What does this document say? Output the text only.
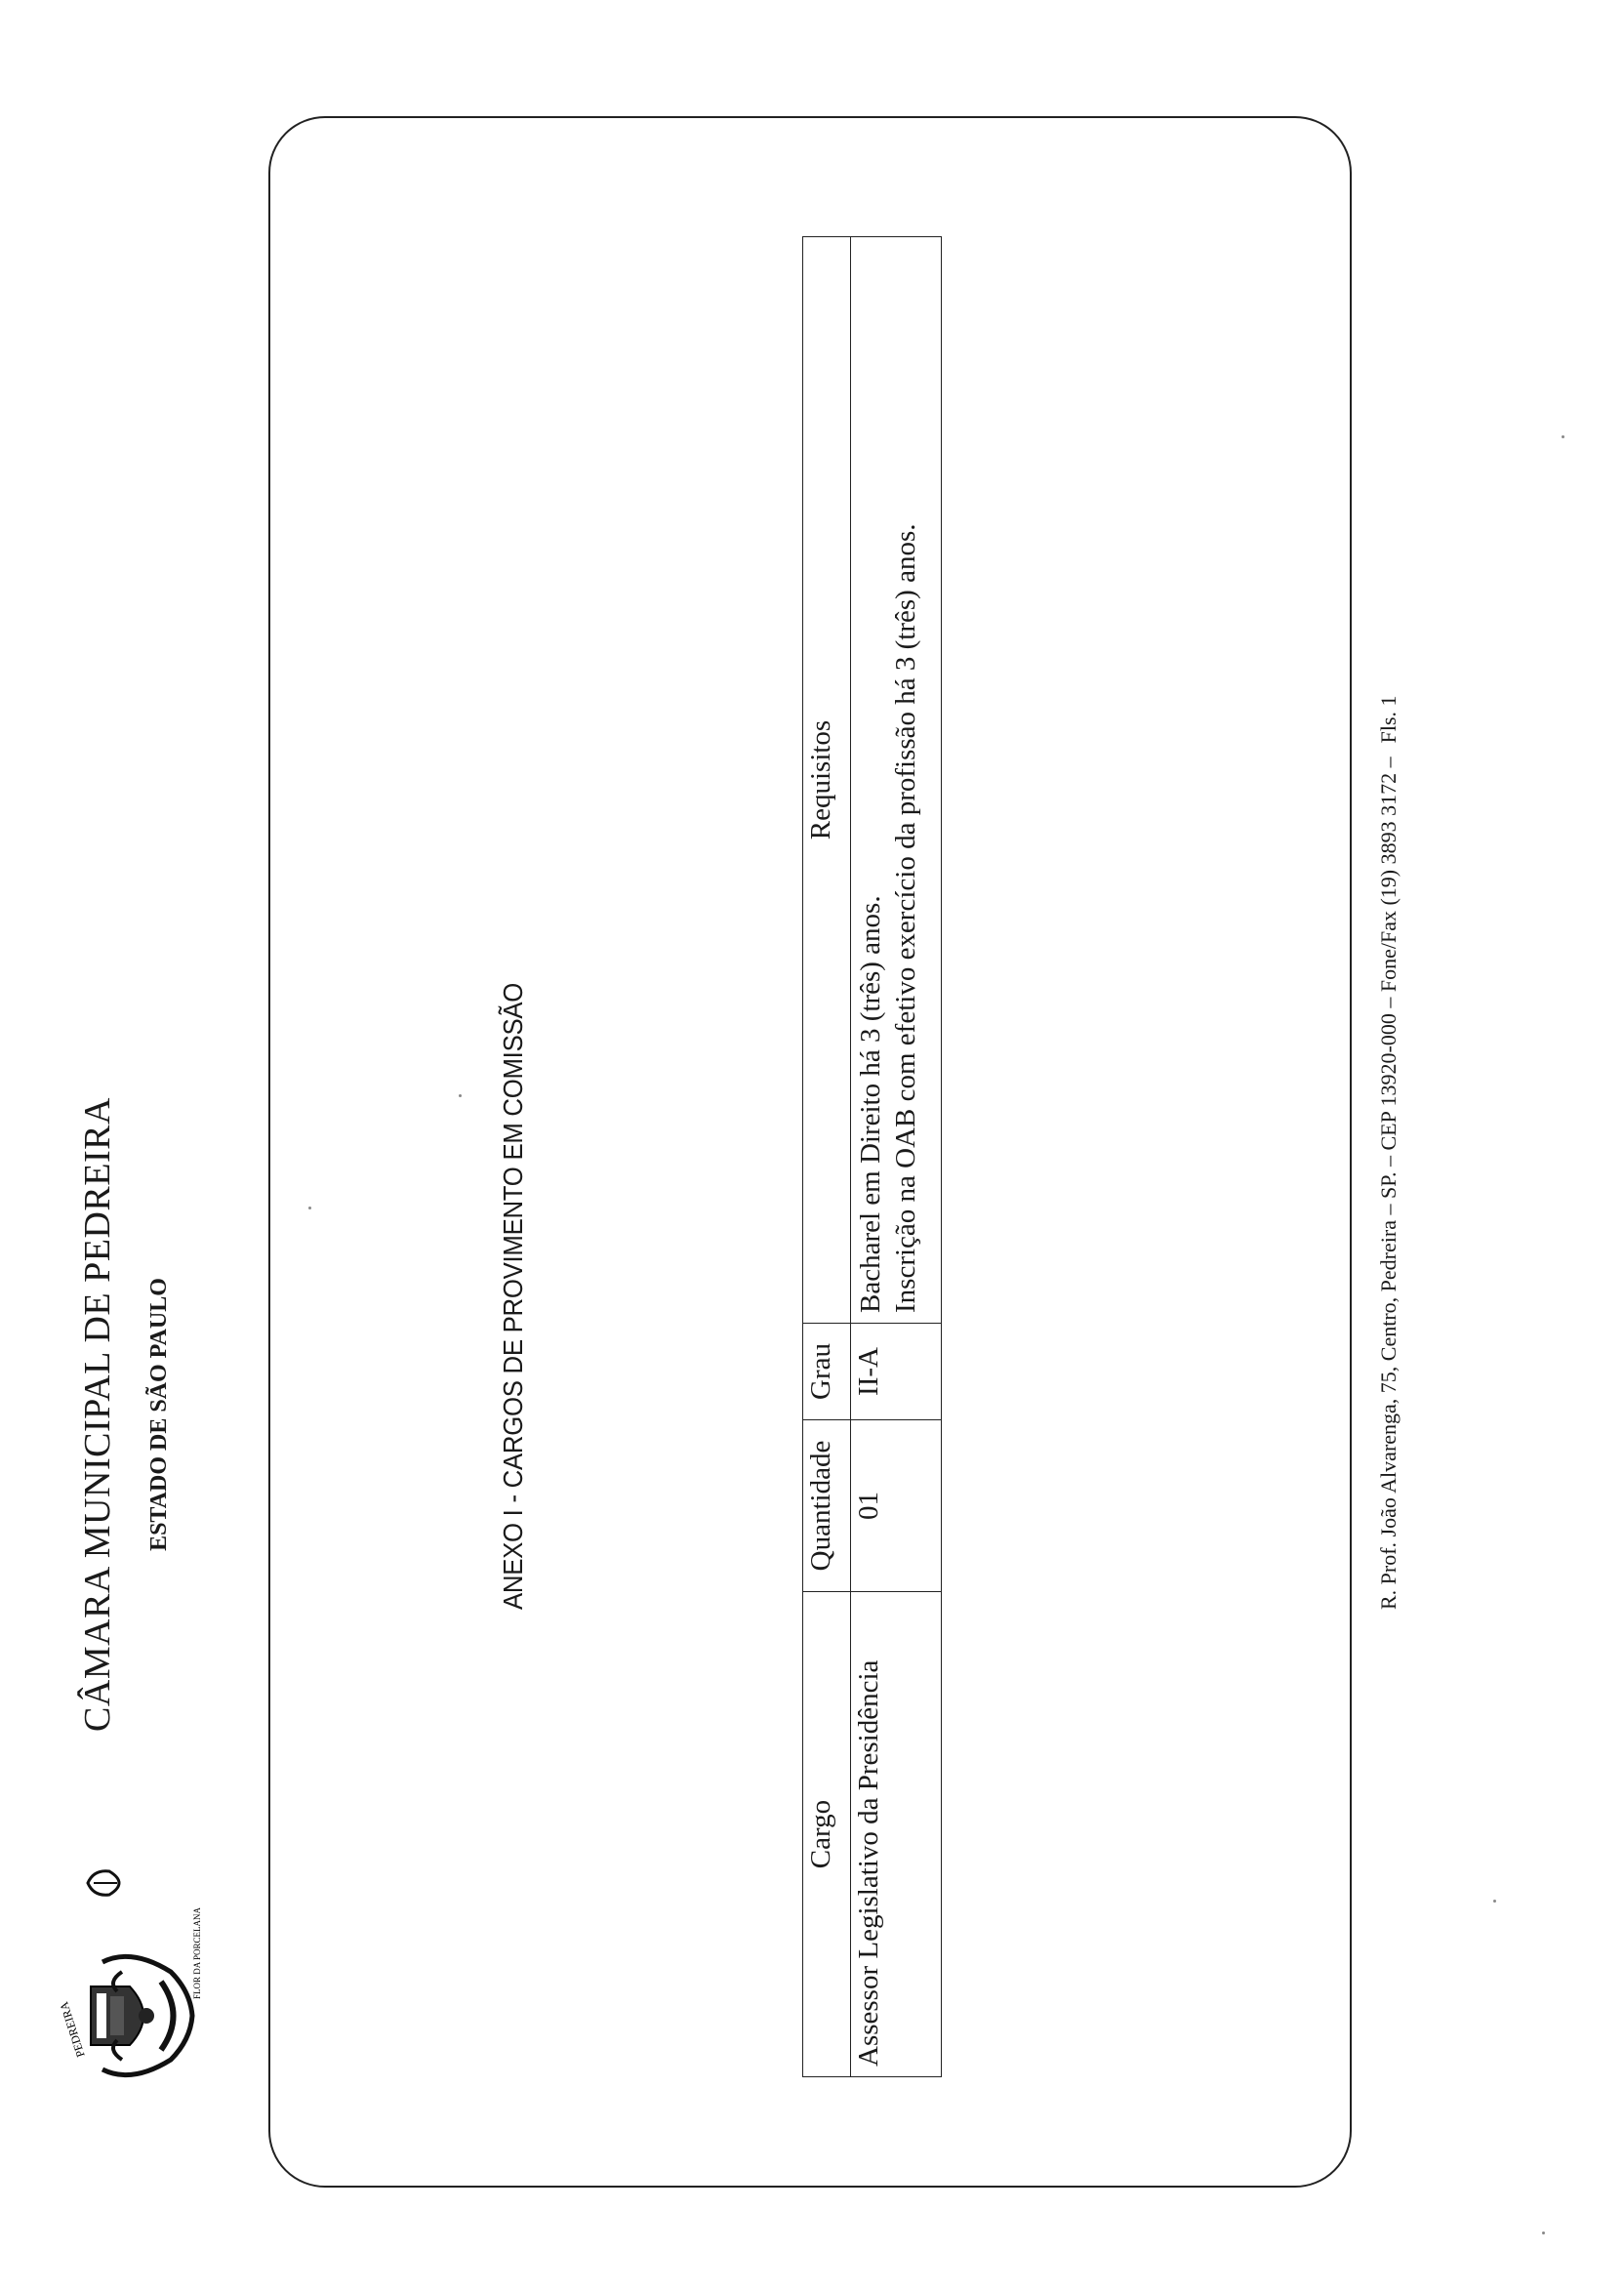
PEDREIRA
FLOR DA PORCELANA
CÂMARA MUNICIPAL DE PEDREIRA	ESTADO DE SÃO PAULO	ANEXO I - CARGOS DE PROVIMENTO EM COMISSÃO
Cargo	Quantidade	Grau	Requisitos
Assessor Legislativo da Presidência	01	II-A	Bacharel em Direito há 3 (três) anos. Inscrição na OAB com efetivo exercício da profissão há 3 (três) anos.	R. Prof. João Alvarenga, 75, Centro, Pedreira – SP. – CEP 13920-000 – Fone/Fax (19) 3893 3172 –Fls. 1
